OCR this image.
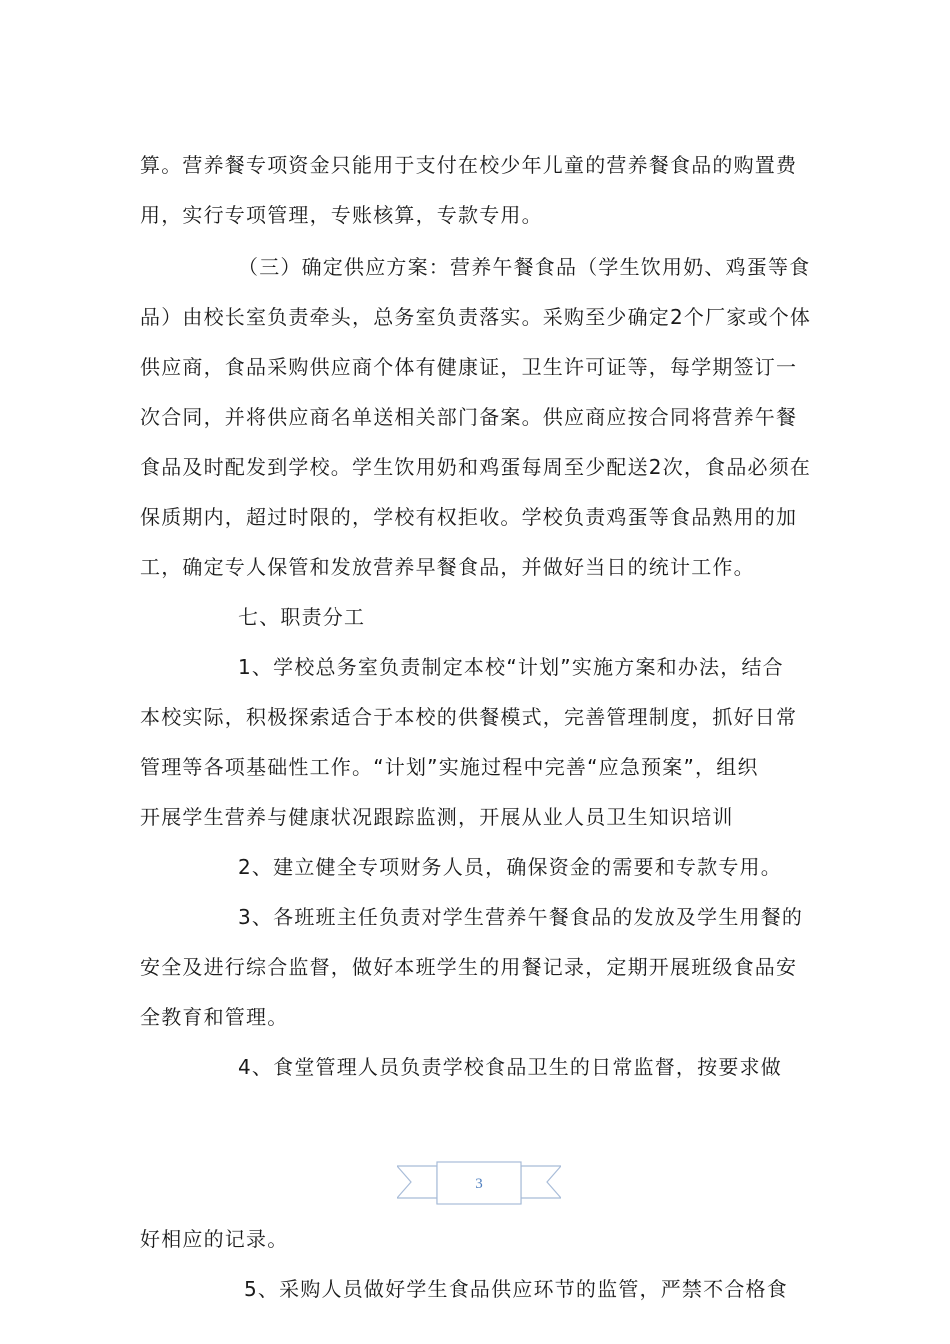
算。营养餐专项资金只能用于支付在校少年儿童的营养餐食品的购置费
用，实行专项管理，专账核算，专款专用。
（三）确定供应方案：营养午餐食品（学生饮用奶、鸡蛋等食
品）由校长室负责牵头，总务室负责落实。采购至少确定2个厂家或个体
供应商，食品采购供应商个体有健康证，卫生许可证等，每学期签订一
次合同，并将供应商名单送相关部门备案。供应商应按合同将营养午餐
食品及时配发到学校。学生饮用奶和鸡蛋每周至少配送2次，食品必须在
保质期内，超过时限的，学校有权拒收。学校负责鸡蛋等食品熟用的加
工，确定专人保管和发放营养早餐食品，并做好当日的统计工作。
七、职责分工
1、学校总务室负责制定本校“计划”实施方案和办法，结合
本校实际，积极探索适合于本校的供餐模式，完善管理制度，抓好日常
管理等各项基础性工作。“计划”实施过程中完善“应急预案”，组织
开展学生营养与健康状况跟踪监测，开展从业人员卫生知识培训
2、建立健全专项财务人员，确保资金的需要和专款专用。
3、各班班主任负责对学生营养午餐食品的发放及学生用餐的
安全及进行综合监督，做好本班学生的用餐记录，定期开展班级食品安
全教育和管理。
4、食堂管理人员负责学校食品卫生的日常监督，按要求做
3
好相应的记录。
5、采购人员做好学生食品供应环节的监管，严禁不合格食
